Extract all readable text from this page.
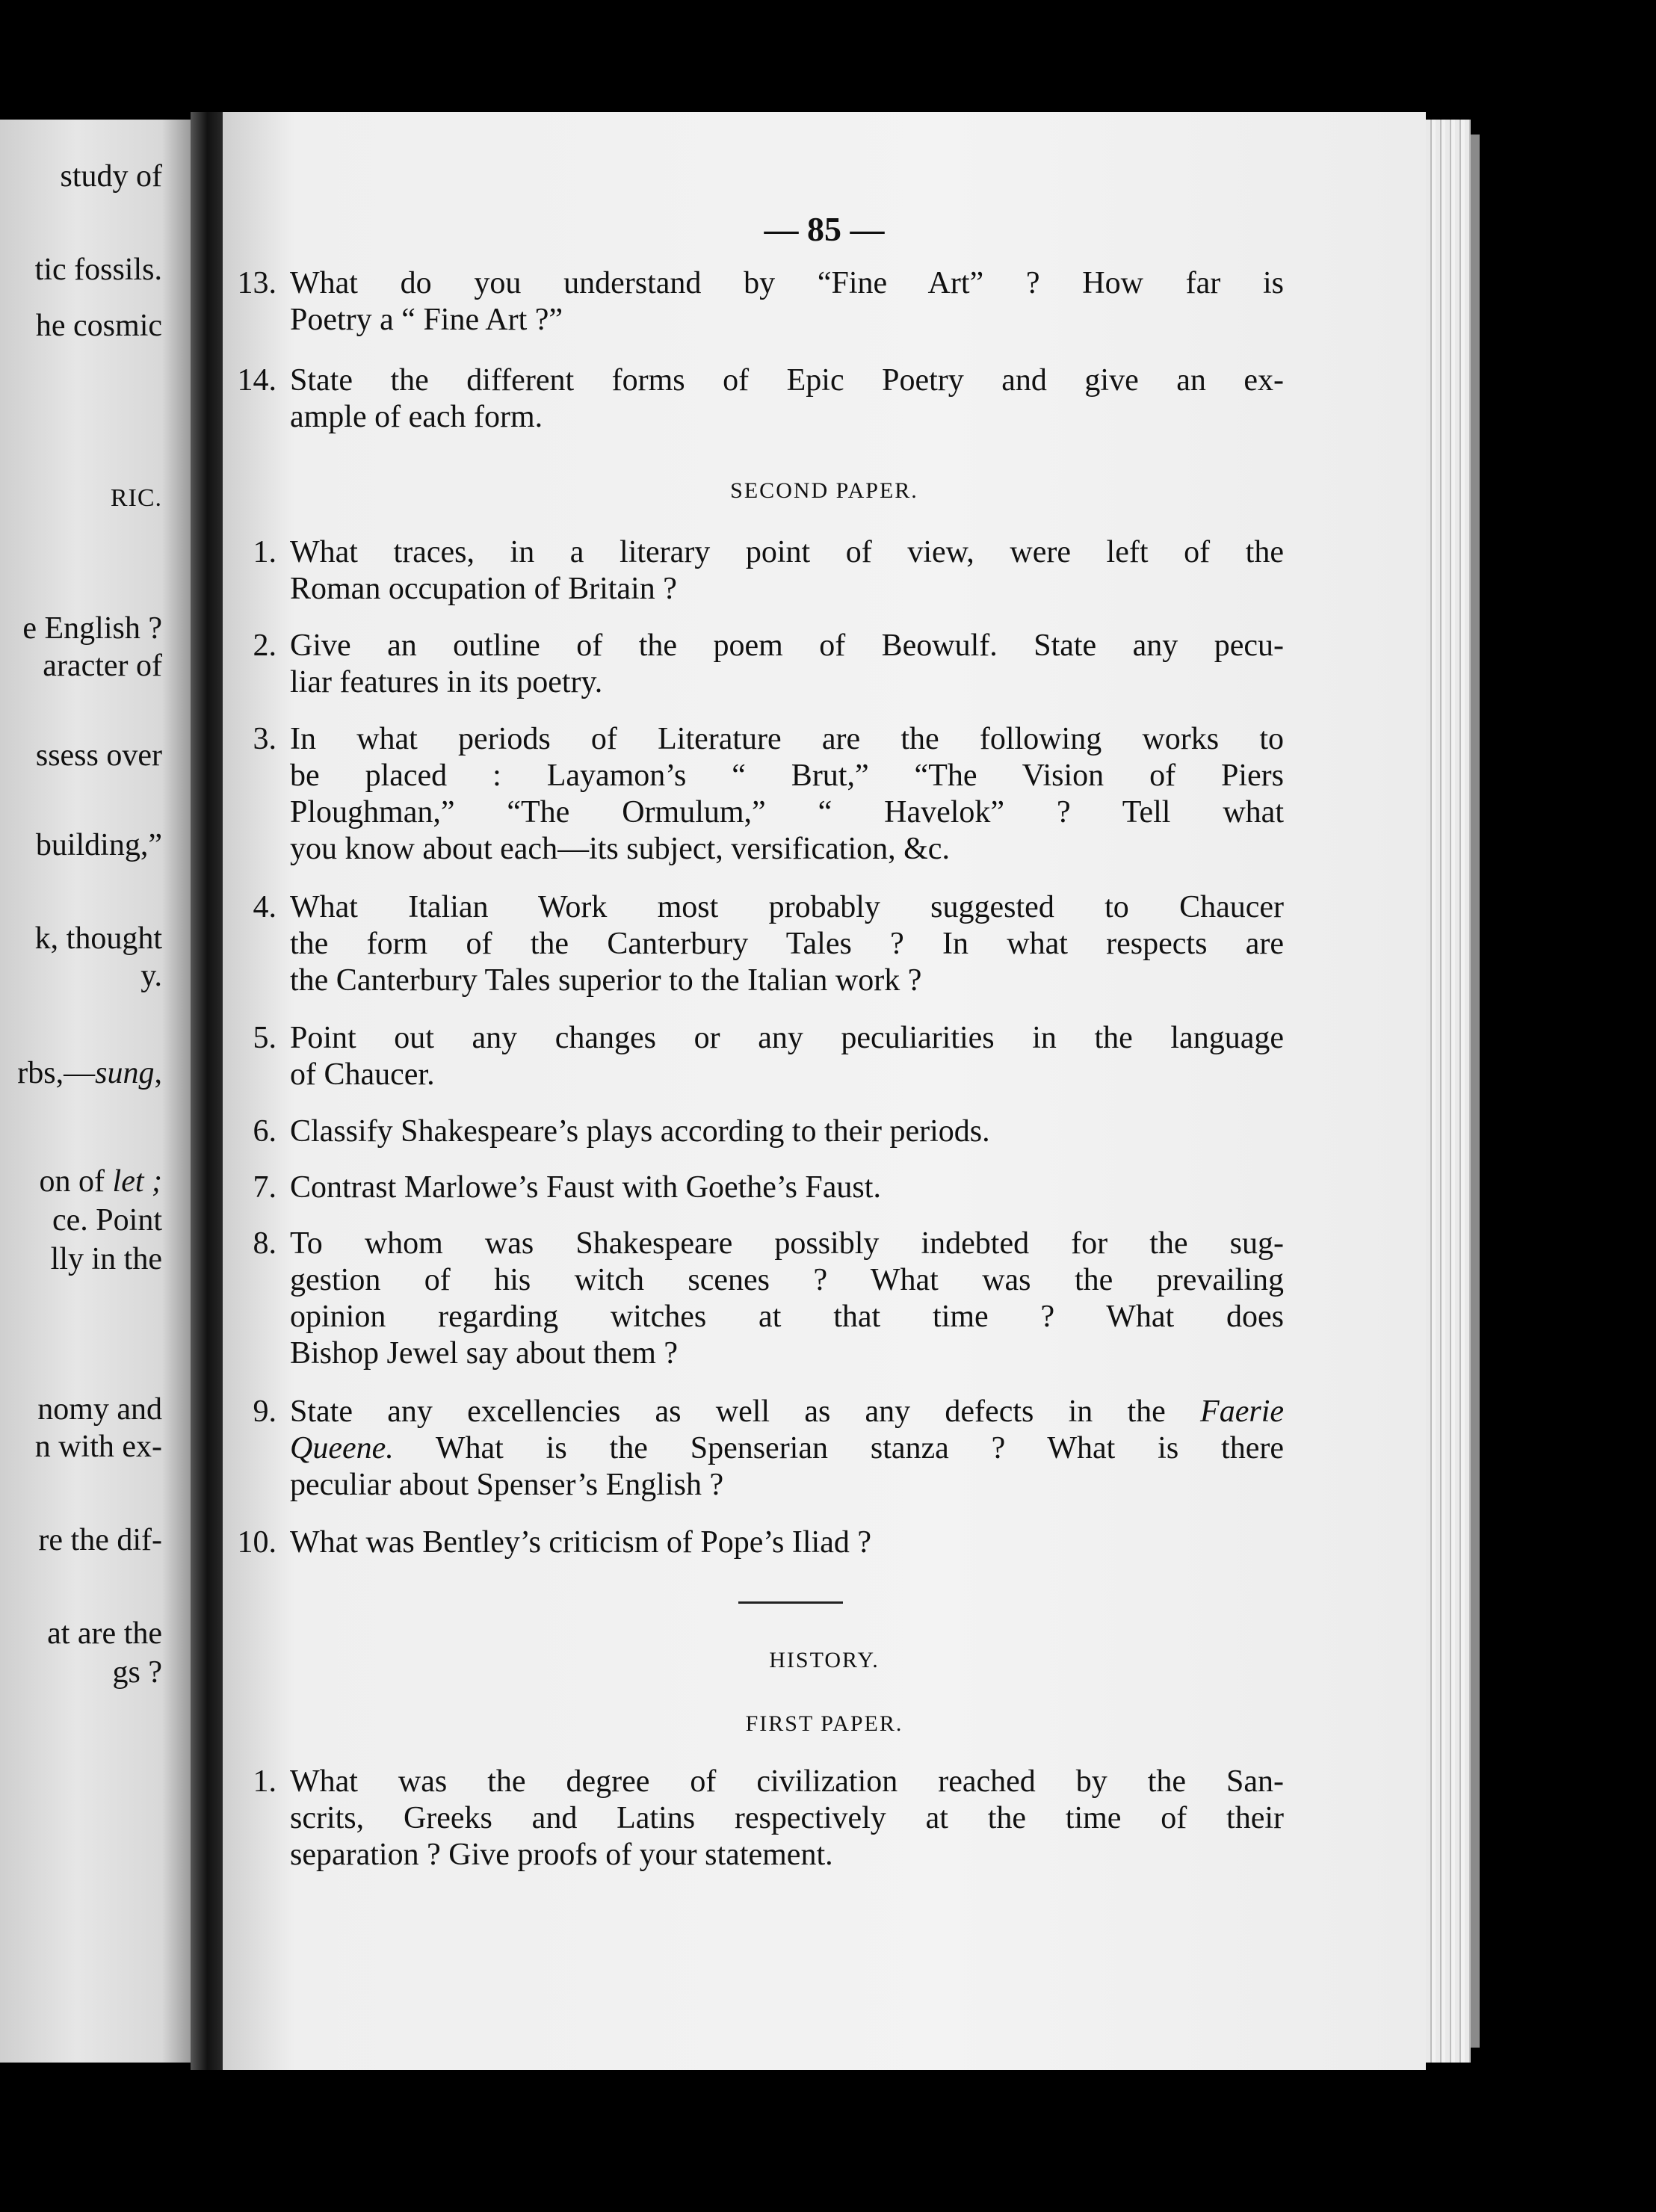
study of
tic fossils.
he cosmic
RIC.
e English ?
aracter of
ssess over
building,”
k, thought
y.
rbs,—sung,
on of let ;
ce. Point
lly in the
nomy and
n with ex-
re the dif-
at are the
gs ?
— 85 —
13. What do you understand by “Fine Art” ? How far is
Poetry a “ Fine Art ?”
14. State the different forms of Epic Poetry and give an ex-
ample of each form.
SECOND PAPER.
1. What traces, in a literary point of view, were left of the
Roman occupation of Britain ?
2. Give an outline of the poem of Beowulf. State any pecu-
liar features in its poetry.
3. In what periods of Literature are the following works to
be placed : Layamon’s “ Brut,” “The Vision of Piers
Ploughman,” “The Ormulum,” “ Havelok” ? Tell what
you know about each—its subject, versification, &c.
4. What Italian Work most probably suggested to Chaucer
the form of the Canterbury Tales ? In what respects are
the Canterbury Tales superior to the Italian work ?
5. Point out any changes or any peculiarities in the language
of Chaucer.
6. Classify Shakespeare’s plays according to their periods.
7. Contrast Marlowe’s Faust with Goethe’s Faust.
8. To whom was Shakespeare possibly indebted for the sug-
gestion of his witch scenes ? What was the prevailing
opinion regarding witches at that time ? What does
Bishop Jewel say about them ?
9. State any excellencies as well as any defects in the Faerie
Queene. What is the Spenserian stanza ? What is there
peculiar about Spenser’s English ?
10. What was Bentley’s criticism of Pope’s Iliad ?
HISTORY.
FIRST PAPER.
1. What was the degree of civilization reached by the San-
scrits, Greeks and Latins respectively at the time of their
separation ? Give proofs of your statement.
